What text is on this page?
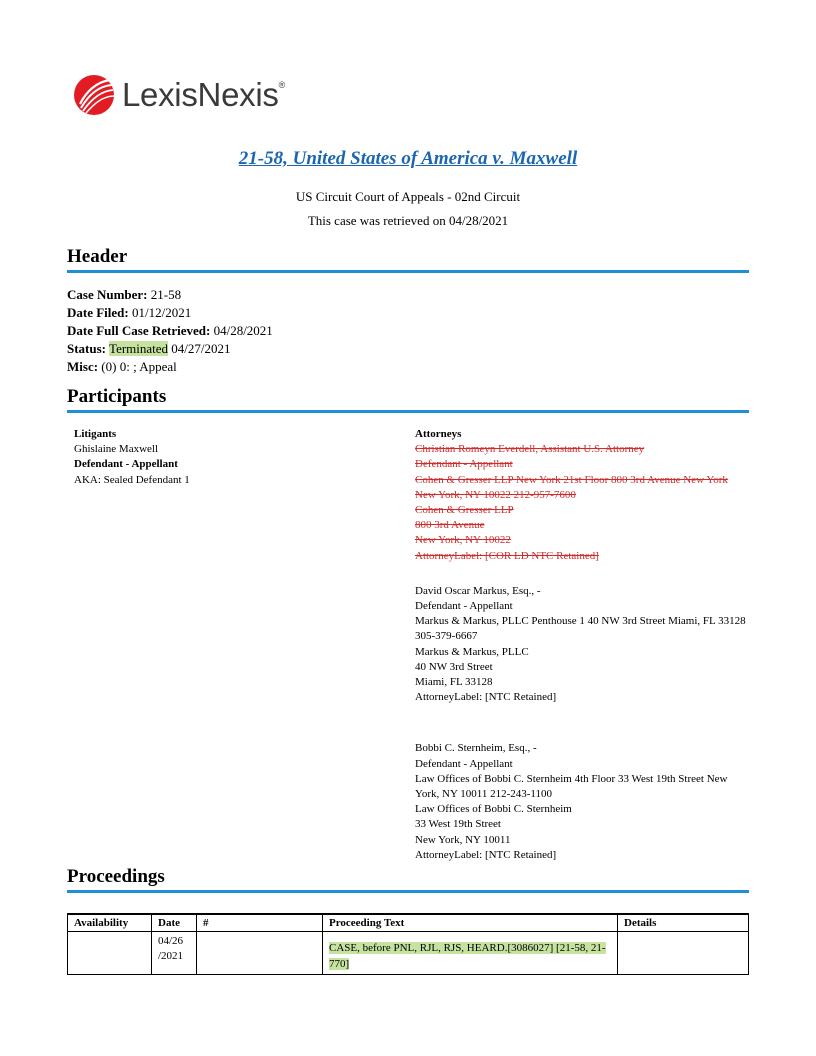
LexisNexis®
21-58, United States of America v. Maxwell
US Circuit Court of Appeals - 02nd Circuit
This case was retrieved on 04/28/2021
Header
Case Number: 21-58
Date Filed: 01/12/2021
Date Full Case Retrieved: 04/28/2021
Status: Terminated 04/27/2021
Misc: (0) 0: ; Appeal
Participants
Litigants
Ghislaine Maxwell
Defendant - Appellant
AKA: Sealed Defendant 1
Attorneys
Christian Romeyn Everdell, Assistant U.S. Attorney
Defendant - Appellant
Cohen & Gresser LLP New York 21st Floor 800 3rd Avenue New York New York, NY 10022 212-957-7600
Cohen & Gresser LLP
800 3rd Avenue
New York, NY 10022
AttorneyLabel: [COR LD NTC Retained]
David Oscar Markus, Esq., -
Defendant - Appellant
Markus & Markus, PLLC Penthouse 1 40 NW 3rd Street Miami, FL 33128 305-379-6667
Markus & Markus, PLLC
40 NW 3rd Street
Miami, FL 33128
AttorneyLabel: [NTC Retained]
Bobbi C. Sternheim, Esq., -
Defendant - Appellant
Law Offices of Bobbi C. Sternheim 4th Floor 33 West 19th Street New York, NY 10011 212-243-1100
Law Offices of Bobbi C. Sternheim
33 West 19th Street
New York, NY 10011
AttorneyLabel: [NTC Retained]
Proceedings
Availability	Date	#	Proceeding Text	Details
	04/26 /2021		CASE, before PNL, RJL, RJS, HEARD.[3086027] [21-58, 21-770]	
